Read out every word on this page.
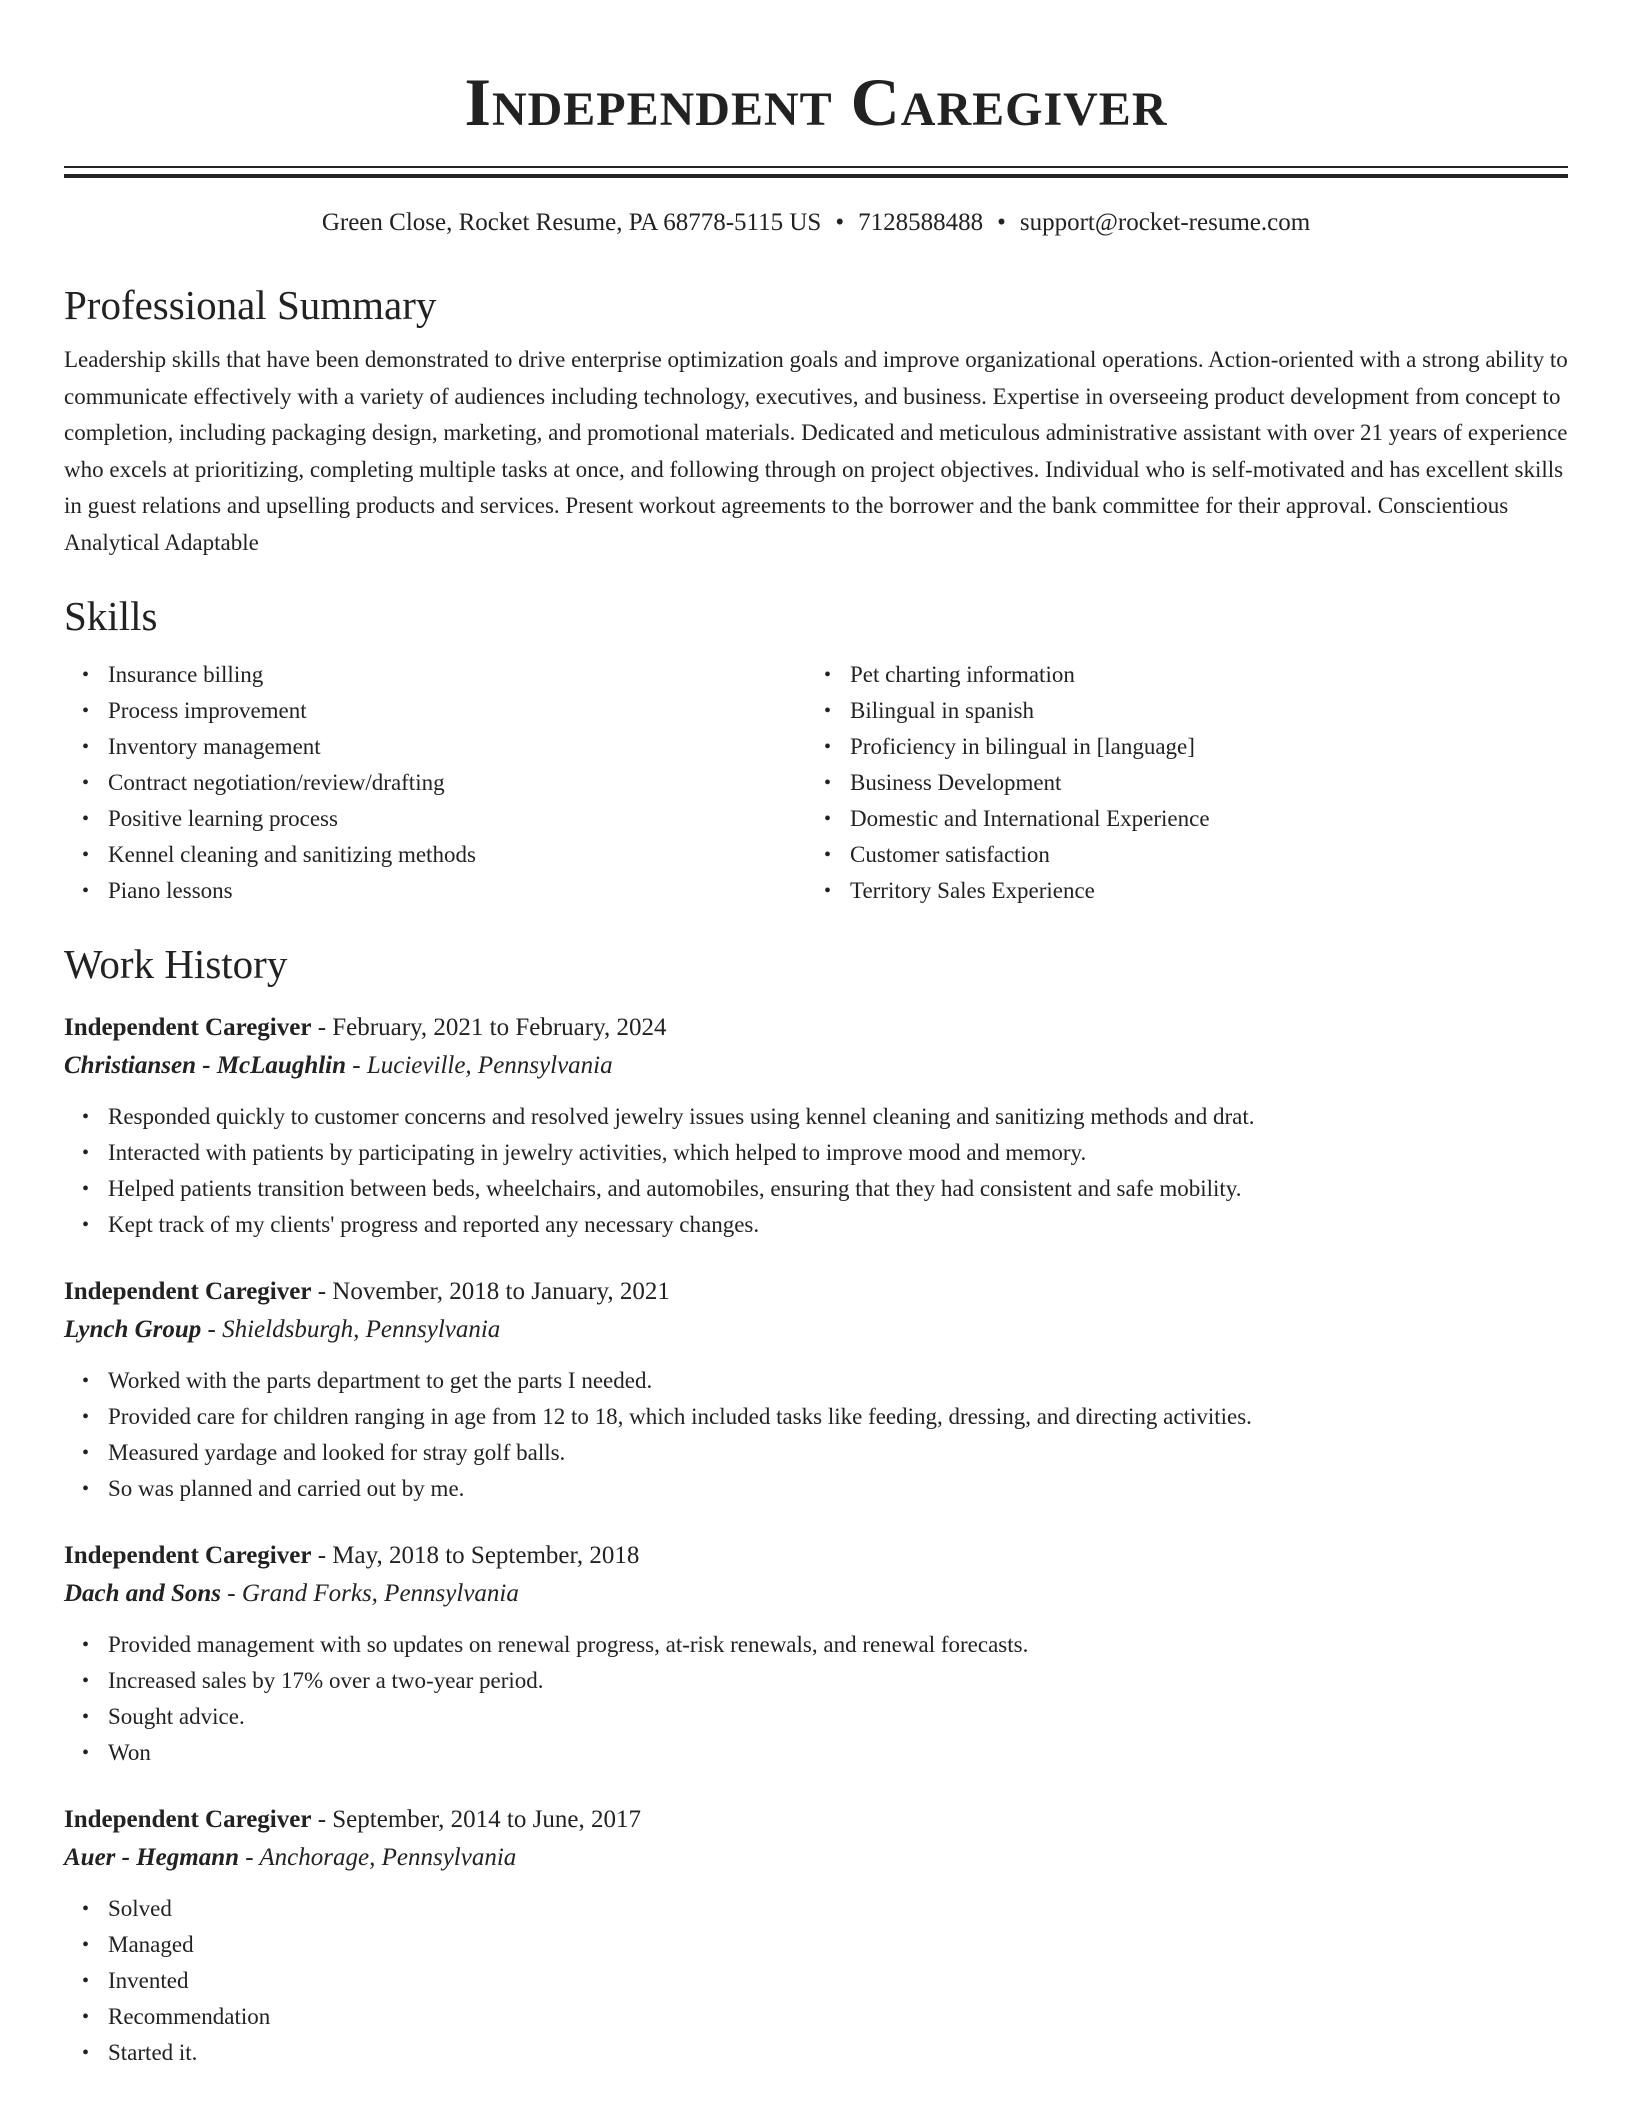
Independent Caregiver
Green Close, Rocket Resume, PA 68778-5115 US • 7128588488 • support@rocket-resume.com
Professional Summary

Leadership skills that have been demonstrated to drive enterprise optimization goals and improve organizational operations. Action-oriented with a strong ability to communicate effectively with a variety of audiences including technology, executives, and business. Expertise in overseeing product development from concept to completion, including packaging design, marketing, and promotional materials. Dedicated and meticulous administrative assistant with over 21 years of experience who excels at prioritizing, completing multiple tasks at once, and following through on project objectives. Individual who is self-motivated and has excellent skills in guest relations and upselling products and services. Present workout agreements to the borrower and the bank committee for their approval. Conscientious Analytical Adaptable

Skills
• Insurance billing
• Process improvement
• Inventory management
• Contract negotiation/review/drafting
• Positive learning process
• Kennel cleaning and sanitizing methods
• Piano lessons
• Pet charting information
• Bilingual in spanish
• Proficiency in bilingual in [language]
• Business Development
• Domestic and International Experience
• Customer satisfaction
• Territory Sales Experience
Work History
Independent Caregiver - February, 2021 to February, 2024
Christiansen - McLaughlin - Lucieville, Pennsylvania
• Responded quickly to customer concerns and resolved jewelry issues using kennel cleaning and sanitizing methods and drat.
• Interacted with patients by participating in jewelry activities, which helped to improve mood and memory.
• Helped patients transition between beds, wheelchairs, and automobiles, ensuring that they had consistent and safe mobility.
• Kept track of my clients' progress and reported any necessary changes.
Independent Caregiver - November, 2018 to January, 2021
Lynch Group - Shieldsburgh, Pennsylvania
• Worked with the parts department to get the parts I needed.
• Provided care for children ranging in age from 12 to 18, which included tasks like feeding, dressing, and directing activities.
• Measured yardage and looked for stray golf balls.
• So was planned and carried out by me.
Independent Caregiver - May, 2018 to September, 2018
Dach and Sons - Grand Forks, Pennsylvania
• Provided management with so updates on renewal progress, at-risk renewals, and renewal forecasts.
• Increased sales by 17% over a two-year period.
• Sought advice.
• Won
Independent Caregiver - September, 2014 to June, 2017
Auer - Hegmann - Anchorage, Pennsylvania
• Solved
• Managed
• Invented
• Recommendation
• Started it.
